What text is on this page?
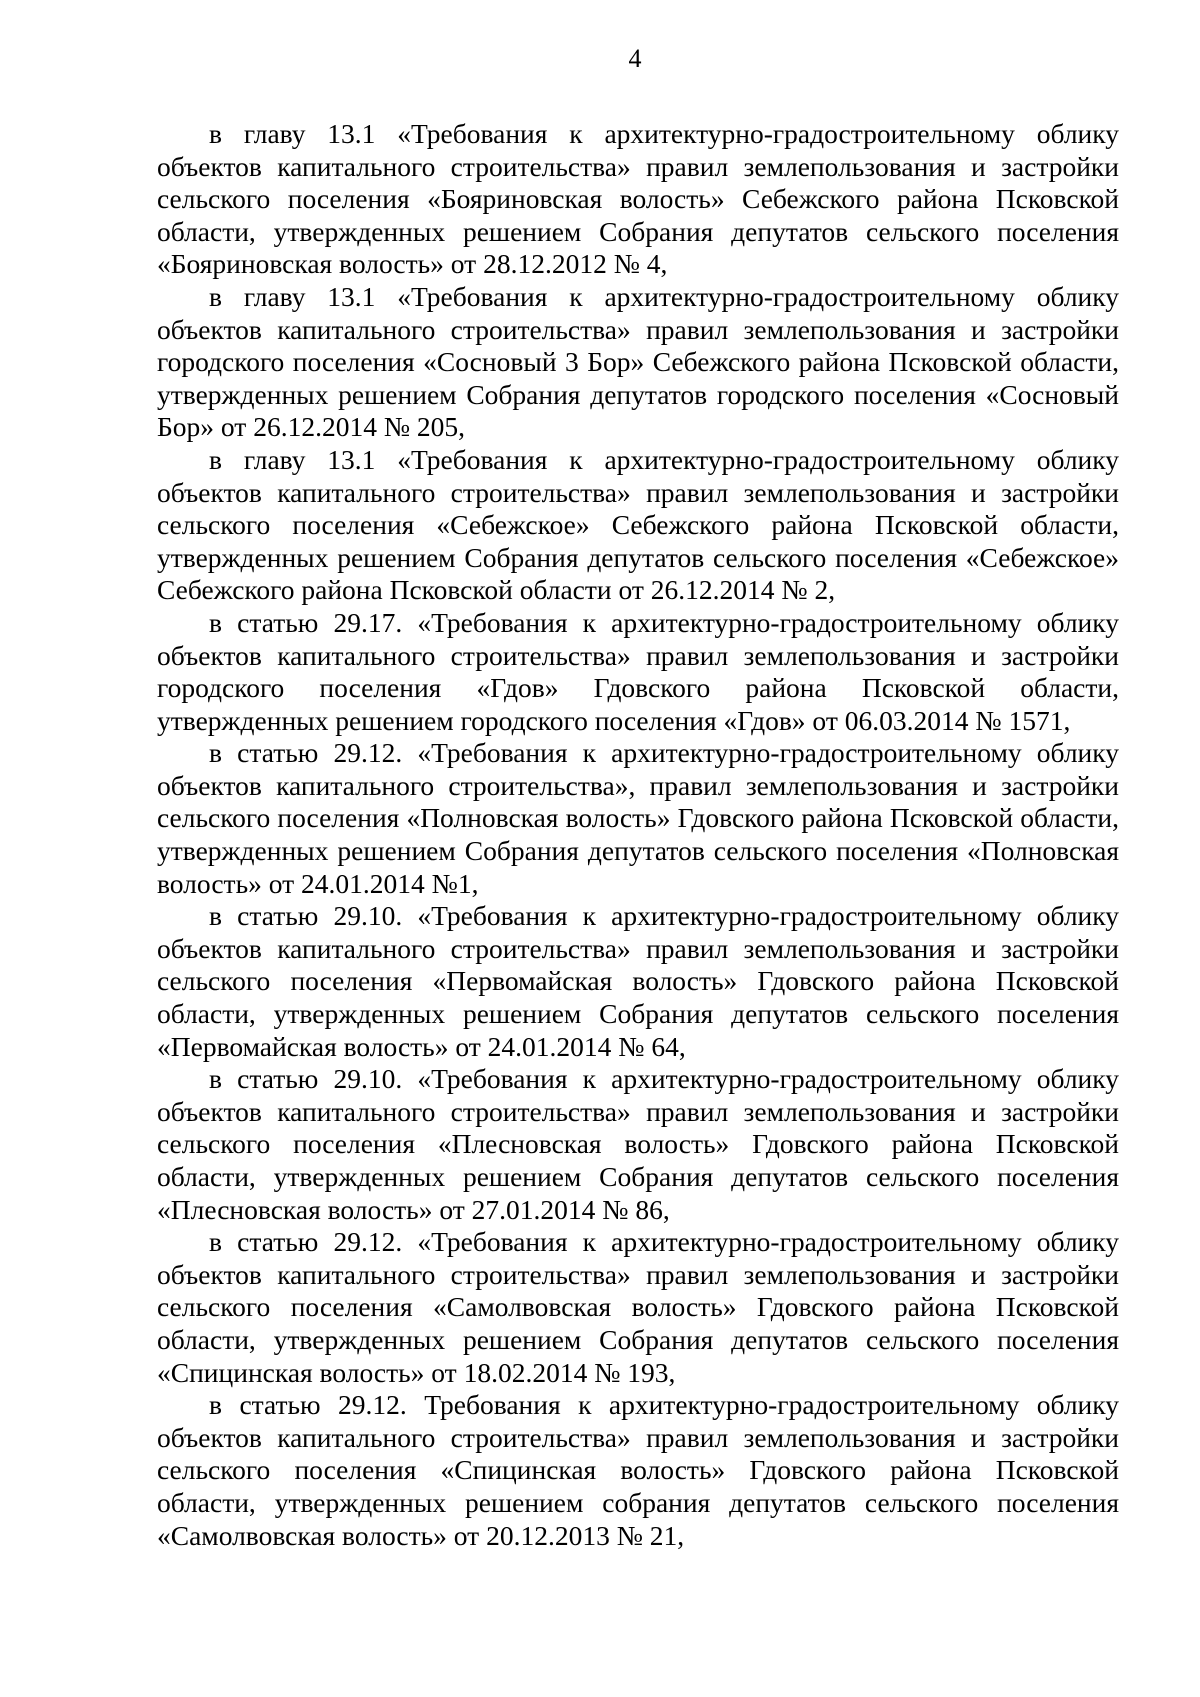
4

в главу 13.1 «Требования к архитектурно-градостроительному облику объектов капитального строительства» правил землепользования и застройки сельского поселения «Бояриновская волость» Себежского района Псковской области, утвержденных решением Собрания депутатов сельского поселения «Бояриновская волость» от 28.12.2012 № 4,

в главу 13.1 «Требования к архитектурно-градостроительному облику объектов капитального строительства» правил землепользования и застройки городского поселения «Сосновый 3 Бор» Себежского района Псковской области, утвержденных решением Собрания депутатов городского поселения «Сосновый Бор» от 26.12.2014 № 205,

в главу 13.1 «Требования к архитектурно-градостроительному облику объектов капитального строительства» правил землепользования и застройки сельского поселения «Себежское» Себежского района Псковской области, утвержденных решением Собрания депутатов сельского поселения «Себежское» Себежского района Псковской области от 26.12.2014 № 2,

в статью 29.17. «Требования к архитектурно-градостроительному облику объектов капитального строительства» правил землепользования и застройки городского поселения «Гдов» Гдовского района Псковской области, утвержденных решением городского поселения «Гдов» от 06.03.2014 № 1571,

в статью 29.12. «Требования к архитектурно-градостроительному облику объектов капитального строительства», правил землепользования и застройки сельского поселения «Полновская волость» Гдовского района Псковской области, утвержденных решением Собрания депутатов сельского поселения «Полновская волость» от 24.01.2014 №1,

в статью 29.10. «Требования к архитектурно-градостроительному облику объектов капитального строительства» правил землепользования и застройки сельского поселения «Первомайская волость» Гдовского района Псковской области, утвержденных решением Собрания депутатов сельского поселения «Первомайская волость» от 24.01.2014 № 64,

в статью 29.10. «Требования к архитектурно-градостроительному облику объектов капитального строительства» правил землепользования и застройки сельского поселения «Плесновская волость» Гдовского района Псковской области, утвержденных решением Собрания депутатов сельского поселения «Плесновская волость» от 27.01.2014 № 86,

в статью 29.12. «Требования к архитектурно-градостроительному облику объектов капитального строительства» правил землепользования и застройки сельского поселения «Самолвовская волость» Гдовского района Псковской области, утвержденных решением Собрания депутатов сельского поселения «Спицинская волость» от 18.02.2014 № 193,

в статью 29.12. Требования к архитектурно-градостроительному облику объектов капитального строительства» правил землепользования и застройки сельского поселения «Спицинская волость» Гдовского района Псковской области, утвержденных решением собрания депутатов сельского поселения «Самолвовская волость» от 20.12.2013 № 21,
